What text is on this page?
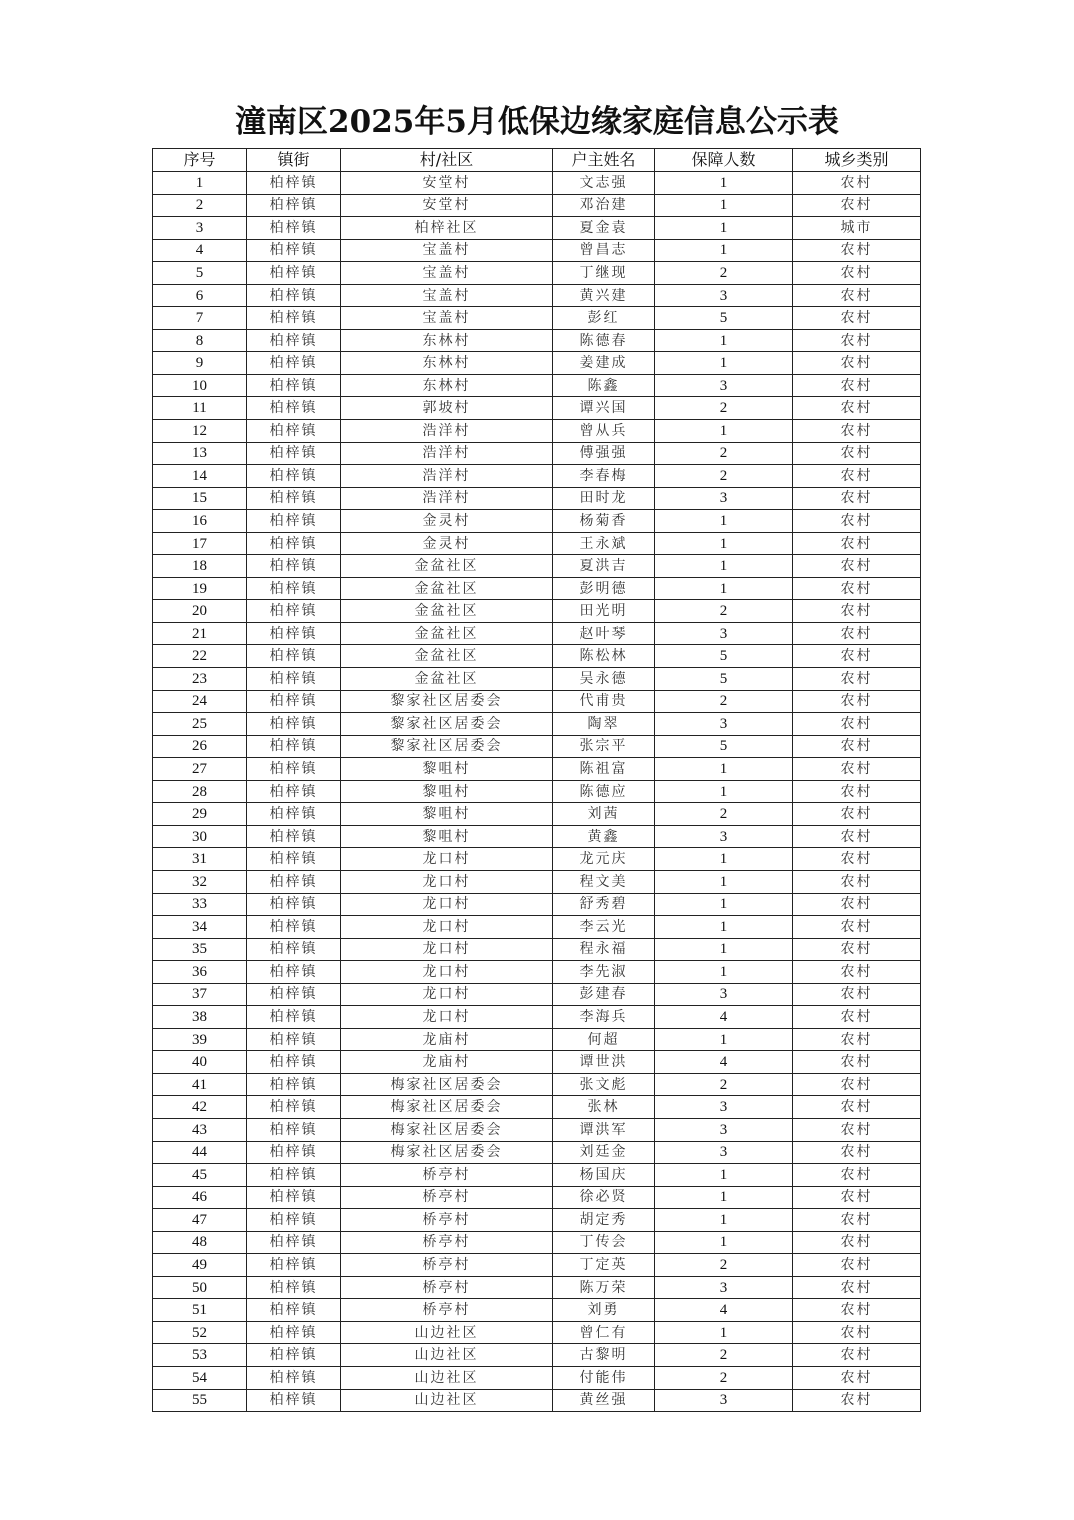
潼南区2025年5月低保边缘家庭信息公示表
序号	镇街	村/社区	户主姓名	保障人数	城乡类别
1	柏梓镇	安堂村	文志强	1	农村
2	柏梓镇	安堂村	邓治建	1	农村
3	柏梓镇	柏梓社区	夏金袁	1	城市
4	柏梓镇	宝盖村	曾昌志	1	农村
5	柏梓镇	宝盖村	丁继现	2	农村
6	柏梓镇	宝盖村	黄兴建	3	农村
7	柏梓镇	宝盖村	彭红	5	农村
8	柏梓镇	东林村	陈德春	1	农村
9	柏梓镇	东林村	姜建成	1	农村
10	柏梓镇	东林村	陈鑫	3	农村
11	柏梓镇	郭坡村	谭兴国	2	农村
12	柏梓镇	浩洋村	曾从兵	1	农村
13	柏梓镇	浩洋村	傅强强	2	农村
14	柏梓镇	浩洋村	李春梅	2	农村
15	柏梓镇	浩洋村	田时龙	3	农村
16	柏梓镇	金灵村	杨菊香	1	农村
17	柏梓镇	金灵村	王永斌	1	农村
18	柏梓镇	金盆社区	夏洪吉	1	农村
19	柏梓镇	金盆社区	彭明德	1	农村
20	柏梓镇	金盆社区	田光明	2	农村
21	柏梓镇	金盆社区	赵叶琴	3	农村
22	柏梓镇	金盆社区	陈松林	5	农村
23	柏梓镇	金盆社区	吴永德	5	农村
24	柏梓镇	黎家社区居委会	代甫贵	2	农村
25	柏梓镇	黎家社区居委会	陶翠	3	农村
26	柏梓镇	黎家社区居委会	张宗平	5	农村
27	柏梓镇	黎咀村	陈祖富	1	农村
28	柏梓镇	黎咀村	陈德应	1	农村
29	柏梓镇	黎咀村	刘茜	2	农村
30	柏梓镇	黎咀村	黄鑫	3	农村
31	柏梓镇	龙口村	龙元庆	1	农村
32	柏梓镇	龙口村	程文美	1	农村
33	柏梓镇	龙口村	舒秀碧	1	农村
34	柏梓镇	龙口村	李云光	1	农村
35	柏梓镇	龙口村	程永福	1	农村
36	柏梓镇	龙口村	李先淑	1	农村
37	柏梓镇	龙口村	彭建春	3	农村
38	柏梓镇	龙口村	李海兵	4	农村
39	柏梓镇	龙庙村	何超	1	农村
40	柏梓镇	龙庙村	谭世洪	4	农村
41	柏梓镇	梅家社区居委会	张文彪	2	农村
42	柏梓镇	梅家社区居委会	张林	3	农村
43	柏梓镇	梅家社区居委会	谭洪军	3	农村
44	柏梓镇	梅家社区居委会	刘廷金	3	农村
45	柏梓镇	桥亭村	杨国庆	1	农村
46	柏梓镇	桥亭村	徐必贤	1	农村
47	柏梓镇	桥亭村	胡定秀	1	农村
48	柏梓镇	桥亭村	丁传会	1	农村
49	柏梓镇	桥亭村	丁定英	2	农村
50	柏梓镇	桥亭村	陈万荣	3	农村
51	柏梓镇	桥亭村	刘勇	4	农村
52	柏梓镇	山边社区	曾仁有	1	农村
53	柏梓镇	山边社区	古黎明	2	农村
54	柏梓镇	山边社区	付能伟	2	农村
55	柏梓镇	山边社区	黄丝强	3	农村
